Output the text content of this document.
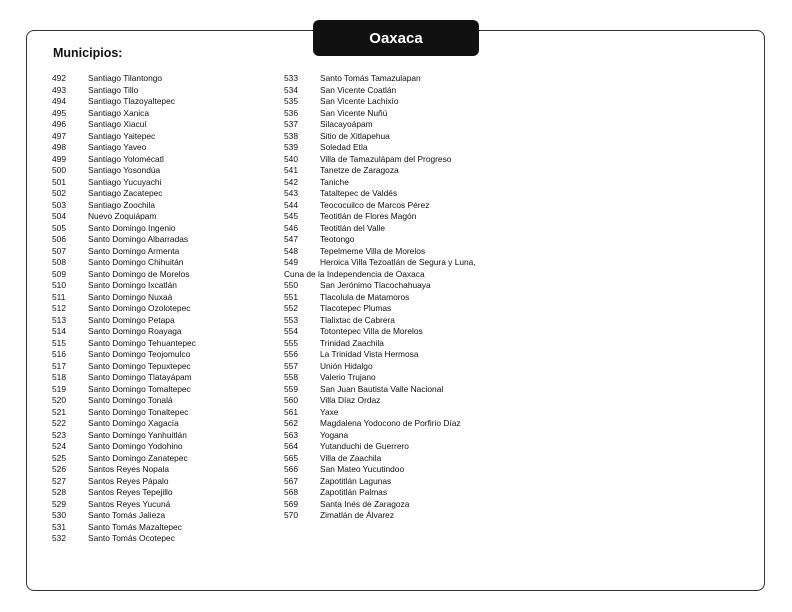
Oaxaca
Municipios:
492	Santiago Tilantongo
493	Santiago Tillo
494	Santiago Tlazoyaltepec
495	Santiago Xanica
496	Santiago Xiacuí
497	Santiago Yaitepec
498	Santiago Yaveo
499	Santiago Yolomécatl
500	Santiago Yosondúa
501	Santiago Yucuyachi
502	Santiago Zacatepec
503	Santiago Zoochila
504	Nuevo Zoquiápam
505	Santo Domingo Ingenio
506	Santo Domingo Albarradas
507	Santo Domingo Armenta
508	Santo Domingo Chihuitán
509	Santo Domingo de Morelos
510	Santo Domingo Ixcatlán
511	Santo Domingo Nuxaá
512	Santo Domingo Ozolotepec
513	Santo Domingo Petapa
514	Santo Domingo Roayaga
515	Santo Domingo Tehuantepec
516	Santo Domingo Teojomulco
517	Santo Domingo Tepuxtepec
518	Santo Domingo Tlatayápam
519	Santo Domingo Tomaltepec
520	Santo Domingo Tonalá
521	Santo Domingo Tonaltepec
522	Santo Domingo Xagacía
523	Santo Domingo Yanhuitlán
524	Santo Domingo Yodohino
525	Santo Domingo Zanatepec
526	Santos Reyes Nopala
527	Santos Reyes Pápalo
528	Santos Reyes Tepejillo
529	Santos Reyes Yucuná
530	Santo Tomás Jalieza
531	Santo Tomás Mazaltepec
532	Santo Tomás Ocotepec
533	Santo Tomás Tamazulapan
534	San Vicente Coatlán
535	San Vicente Lachixío
536	San Vicente Nuñú
537	Silacayoápam
538	Sitio de Xitlapehua
539	Soledad Etla
540	Villa de Tamazulápam del Progreso
541	Tanetze de Zaragoza
542	Taniche
543	Tataltepec de Valdés
544	Teococuilco de Marcos Pérez
545	Teotitlán de Flores Magón
546	Teotitlán del Valle
547	Teotongo
548	Tepelmeme Villa de Morelos
549	Heroica Villa Tezoatlán de Segura y Luna,
Cuna de la Independencia de Oaxaca
550	San Jerónimo Tlacochahuaya
551	Tlacolula de Matamoros
552	Tlacotepec Plumas
553	Tlalixtac de Cabrera
554	Totontepec Villa de Morelos
555	Trinidad Zaachila
556	La Trinidad Vista Hermosa
557	Unión Hidalgo
558	Valerio Trujano
559	San Juan Bautista Valle Nacional
560	Villa Díaz Ordaz
561	Yaxe
562	Magdalena Yodocono de Porfirio Díaz
563	Yogana
564	Yutanduchi de Guerrero
565	Villa de Zaachila
566	San Mateo Yucutindoo
567	Zapotitlán Lagunas
568	Zapotitlán Palmas
569	Santa Inés de Zaragoza
570	Zimatlán de Álvarez
